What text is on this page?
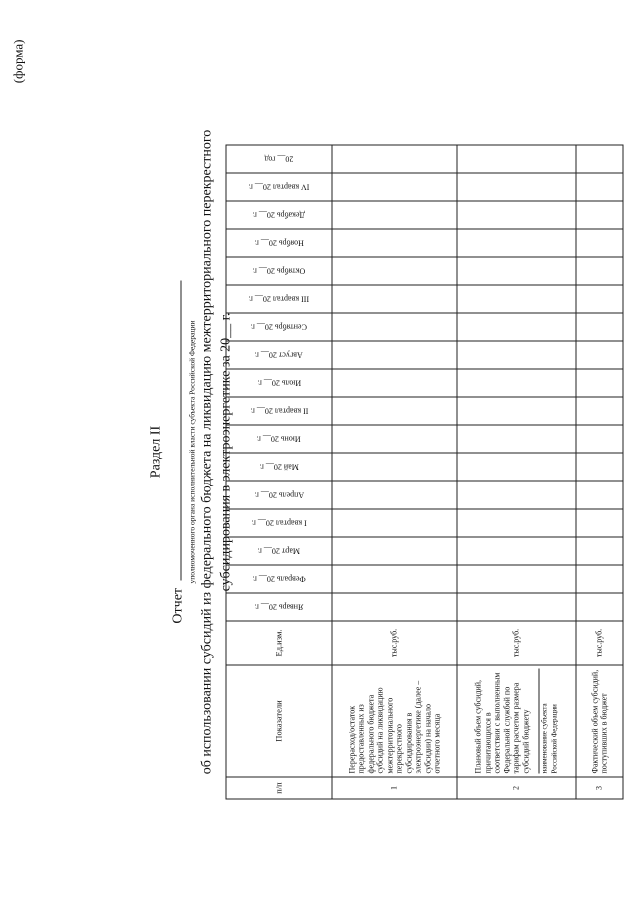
(форма)
Раздел II
Отчет
уполномоченного органа исполнительной власти субъекта Российской Федерации об использовании субсидий из федерального бюджета на ликвидацию межтерриториального перекрестного субсидирования в электроэнергетике за 20__ г.
п/п	Показатели	Ед.изм.	Январь 20__ г.	Февраль 20__ г.	Март 20__ г.	I квартал 20__ г.	Апрель 20__ г.	Май 20__ г.	Июнь 20__ г.	II квартал 20__ г.	Июль 20__ г.	Август 20__ г.	Сентябрь 20__ г.	III квартал 20__ г.	Октябрь 20__ г.	Ноябрь 20__ г.	Декабрь 20__ г.	IV квартал 20__ г.	20__ год

1	Перерасход/остаток предоставленных из федерального бюджета субсидий на ликвидацию межтерриториального перекрестного субсидирования в электроэнергетике (далее – субсидии) на начало отчетного месяца	тыс.руб.																	
2	Плановый объем субсидий, причитающихся в соответствии с выполненным Федеральной службой по тарифам расчетом размера субсидий бюджету наименование субъекта Российской Федерации	тыс.руб.																	
3	Фактический объем субсидий, поступивших в бюджет	тыс.руб.																	
